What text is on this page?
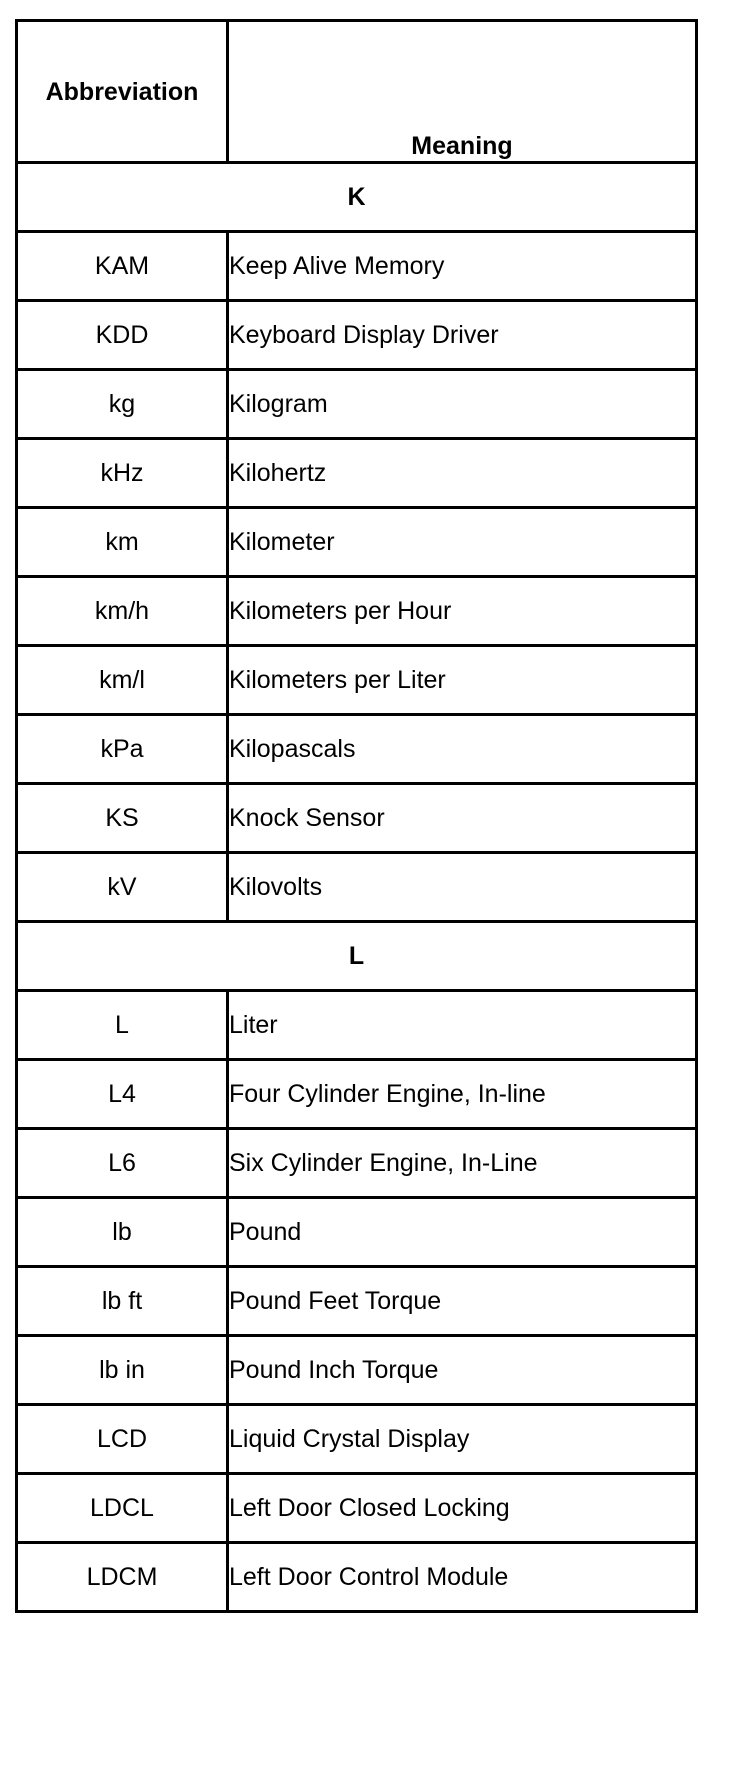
Abbreviation	Meaning
K	
KAM	Keep Alive Memory
KDD	Keyboard Display Driver
kg	Kilogram
kHz	Kilohertz
km	Kilometer
km/h	Kilometers per Hour
km/l	Kilometers per Liter
kPa	Kilopascals
KS	Knock Sensor
kV	Kilovolts
L	
L	Liter
L4	Four Cylinder Engine, In-line
L6	Six Cylinder Engine, In-Line
lb	Pound
lb ft	Pound Feet Torque
lb in	Pound Inch Torque
LCD	Liquid Crystal Display
LDCL	Left Door Closed Locking
LDCM	Left Door Control Module
